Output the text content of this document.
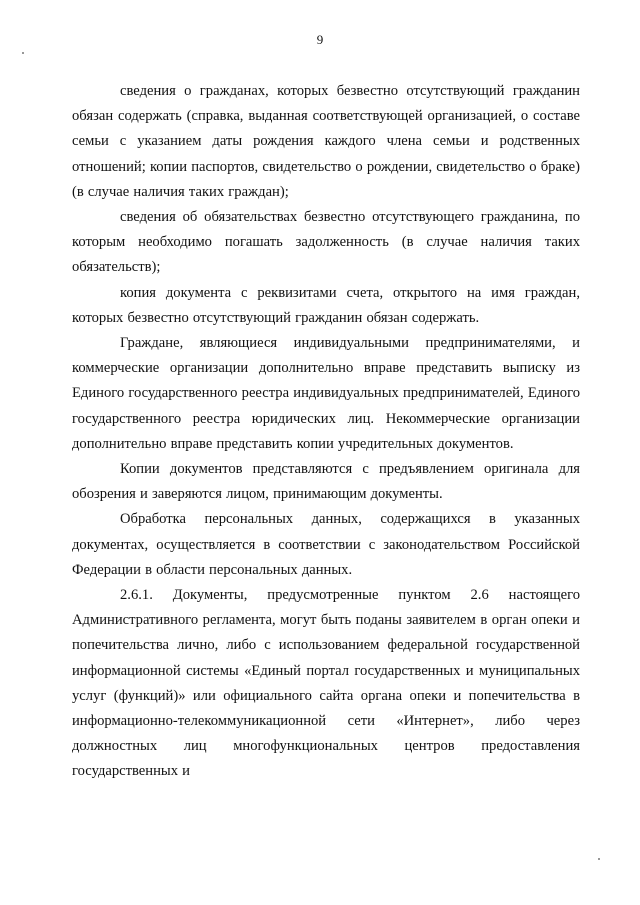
9

сведения о гражданах, которых безвестно отсутствующий гражданин обязан содержать (справка, выданная соответствующей организацией, о составе семьи с указанием даты рождения каждого члена семьи и родственных отношений; копии паспортов, свидетельство о рождении, свидетельство о браке) (в случае наличия таких граждан);

сведения об обязательствах безвестно отсутствующего гражданина, по которым необходимо погашать задолженность (в случае наличия таких обязательств);

копия документа с реквизитами счета, открытого на имя граждан, которых безвестно отсутствующий гражданин обязан содержать.

Граждане, являющиеся индивидуальными предпринимателями, и коммерческие организации дополнительно вправе представить выписку из Единого государственного реестра индивидуальных предпринимателей, Единого государственного реестра юридических лиц. Некоммерческие организации дополнительно вправе представить копии учредительных документов.

Копии документов представляются с предъявлением оригинала для обозрения и заверяются лицом, принимающим документы.

Обработка персональных данных, содержащихся в указанных документах, осуществляется в соответствии с законодательством Российской Федерации в области персональных данных.

2.6.1. Документы, предусмотренные пунктом 2.6 настоящего Административного регламента, могут быть поданы заявителем в орган опеки и попечительства лично, либо с использованием федеральной государственной информационной системы «Единый портал государственных и муниципальных услуг (функций)» или официального сайта органа опеки и попечительства в информационно-телекоммуникационной сети «Интернет», либо через должностных лиц многофункциональных центров предоставления государственных и
